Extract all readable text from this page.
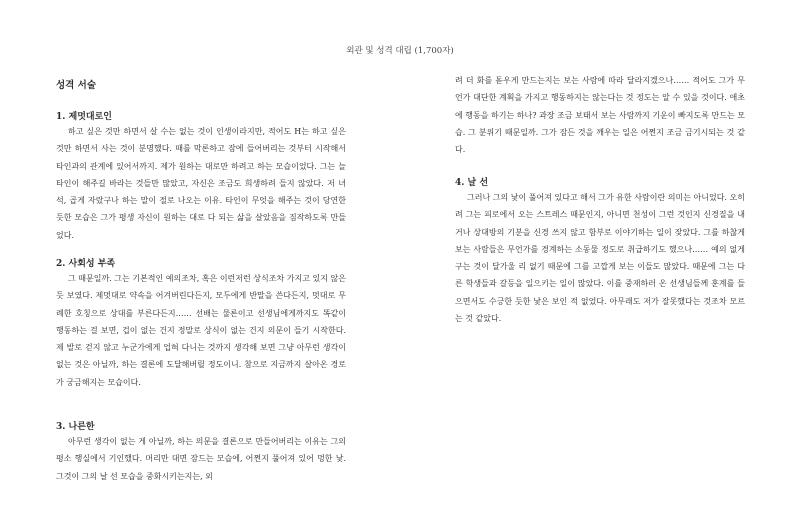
외관 및 성격 대립 (1,700자)
성격 서술
1. 제멋대로인

하고 싶은 것만 하면서 살 수는 없는 것이 인생이라지만, 적어도 H는 하고 싶은 것만 하면서 사는 것이 분명했다. 때를 막론하고 잠에 들어버리는 것부터 시작해서 타인과의 관계에 있어서까지. 제가 원하는 대로만 하려고 하는 모습이었다. 그는 늘 타인이 해주길 바라는 것들만 많았고, 자신은 조금도 희생하려 들지 않았다. 저 녀석, 곱게 자랐구나 하는 말이 절로 나오는 이유. 타인이 무엇을 해주는 것이 당연한 듯한 모습은 그가 평생 자신이 원하는 대로 다 되는 삶을 살았음을 짐작하도록 만들었다.

2. 사회성 부족

그 때문일까. 그는 기본적인 예의조차, 혹은 이런저런 상식조차 가지고 있지 않은 듯 보였다. 제멋대로 약속을 어겨버린다든지, 모두에게 반말을 쓴다든지, 멋대로 무례한 호칭으로 상대를 부른다든지…… 선배는 물론이고 선생님에게까지도 똑같이 행동하는 걸 보면, 겁이 없는 건지 정말로 상식이 없는 건지 의문이 들기 시작한다. 제 발로 걷지 않고 누군가에게 업혀 다니는 것까지 생각해 보면 그냥 아무런 생각이 없는 것은 아닐까, 하는 결론에 도달해버릴 정도이니. 참으로 지금까지 살아온 경로가 궁금해지는 모습이다.

3. 나른한

아무런 생각이 없는 게 아닐까, 하는 의문을 결론으로 만들어버리는 이유는 그의 평소 행실에서 기인했다. 머리만 대면 잠드는 모습에, 어쩐지 풀어져 있어 멍한 낯. 그것이 그의 날 선 모습을 중화시키는지는, 외

려 더 화를 돋우게 만드는지는 보는 사람에 따라 달라지겠으나…… 적어도 그가 무언가 대단한 계획을 가지고 행동하지는 않는다는 것 정도는 알 수 있을 것이다. 애초에 행동을 하기는 하나? 과장 조금 보태서 보는 사람까지 기운이 빠지도록 만드는 모습. 그 분위기 때문일까. 그가 잠든 것을 깨우는 일은 어쩐지 조금 금기시되는 것 같다.

4. 날 선

그러나 그의 낯이 풀어져 있다고 해서 그가 유한 사람이란 의미는 아니었다. 오히려 그는 피로에서 오는 스트레스 때문인지, 아니면 천성이 그런 것인지 신경질을 내거나 상대방의 기분을 신경 쓰지 않고 함부로 이야기하는 일이 잦았다. 그를 하찮게 보는 사람들은 무언가를 경계하는 소동물 정도로 취급하기도 했으나…… 예의 없게 구는 것이 달가울 리 없기 때문에 그를 고깝게 보는 이들도 많았다. 때문에 그는 다른 학생들과 갈등을 일으키는 일이 많았다. 이를 중재하러 온 선생님들께 훈계를 들으면서도 수긍한 듯한 낯은 보인 적 없었다. 아무래도 저가 잘못했다는 것조차 모르는 것 같았다.
